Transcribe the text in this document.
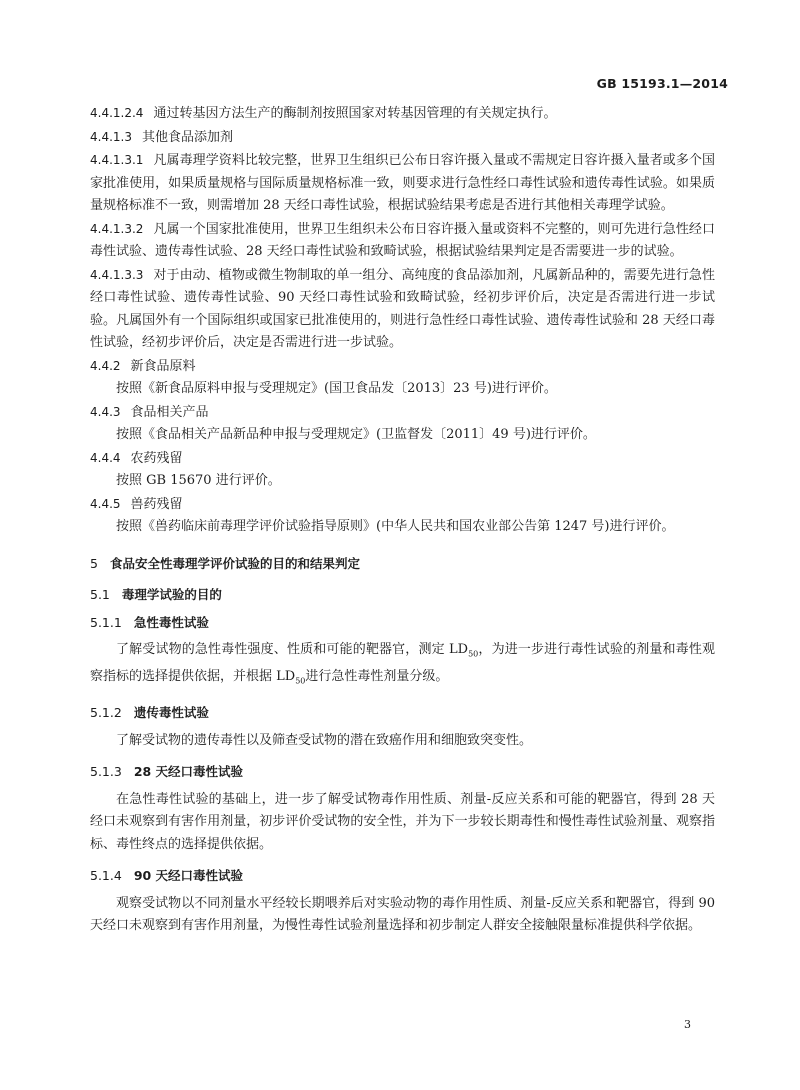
GB 15193.1—2014

4.4.1.2.4 通过转基因方法生产的酶制剂按照国家对转基因管理的有关规定执行。

4.4.1.3 其他食品添加剂

4.4.1.3.1 凡属毒理学资料比较完整，世界卫生组织已公布日容许摄入量或不需规定日容许摄入量者或多个国家批准使用，如果质量规格与国际质量规格标准一致，则要求进行急性经口毒性试验和遗传毒性试验。如果质量规格标准不一致，则需增加 28 天经口毒性试验，根据试验结果考虑是否进行其他相关毒理学试验。

4.4.1.3.2 凡属一个国家批准使用，世界卫生组织未公布日容许摄入量或资料不完整的，则可先进行急性经口毒性试验、遗传毒性试验、28 天经口毒性试验和致畸试验，根据试验结果判定是否需要进一步的试验。

4.4.1.3.3 对于由动、植物或微生物制取的单一组分、高纯度的食品添加剂，凡属新品种的，需要先进行急性经口毒性试验、遗传毒性试验、90 天经口毒性试验和致畸试验，经初步评价后，决定是否需进行进一步试验。凡属国外有一个国际组织或国家已批准使用的，则进行急性经口毒性试验、遗传毒性试验和 28 天经口毒性试验，经初步评价后，决定是否需进行进一步试验。

4.4.2 新食品原料

按照《新食品原料申报与受理规定》(国卫食品发〔2013〕23 号)进行评价。

4.4.3 食品相关产品

按照《食品相关产品新品种申报与受理规定》(卫监督发〔2011〕49 号)进行评价。

4.4.4 农药残留

按照 GB 15670 进行评价。

4.4.5 兽药残留

按照《兽药临床前毒理学评价试验指导原则》(中华人民共和国农业部公告第 1247 号)进行评价。

5 食品安全性毒理学评价试验的目的和结果判定

5.1 毒理学试验的目的

5.1.1 急性毒性试验

了解受试物的急性毒性强度、性质和可能的靶器官，测定 $LD_{50}$，为进一步进行毒性试验的剂量和毒性观察指标的选择提供依据，并根据 $LD_{50}$进行急性毒性剂量分级。

5.1.2 遗传毒性试验

了解受试物的遗传毒性以及筛查受试物的潜在致癌作用和细胞致突变性。

5.1.3 28 天经口毒性试验

在急性毒性试验的基础上，进一步了解受试物毒作用性质、剂量-反应关系和可能的靶器官，得到 28 天经口未观察到有害作用剂量，初步评价受试物的安全性，并为下一步较长期毒性和慢性毒性试验剂量、观察指标、毒性终点的选择提供依据。

5.1.4 90 天经口毒性试验

观察受试物以不同剂量水平经较长期喂养后对实验动物的毒作用性质、剂量-反应关系和靶器官，得到 90 天经口未观察到有害作用剂量，为慢性毒性试验剂量选择和初步制定人群安全接触限量标准提供科学依据。

3
